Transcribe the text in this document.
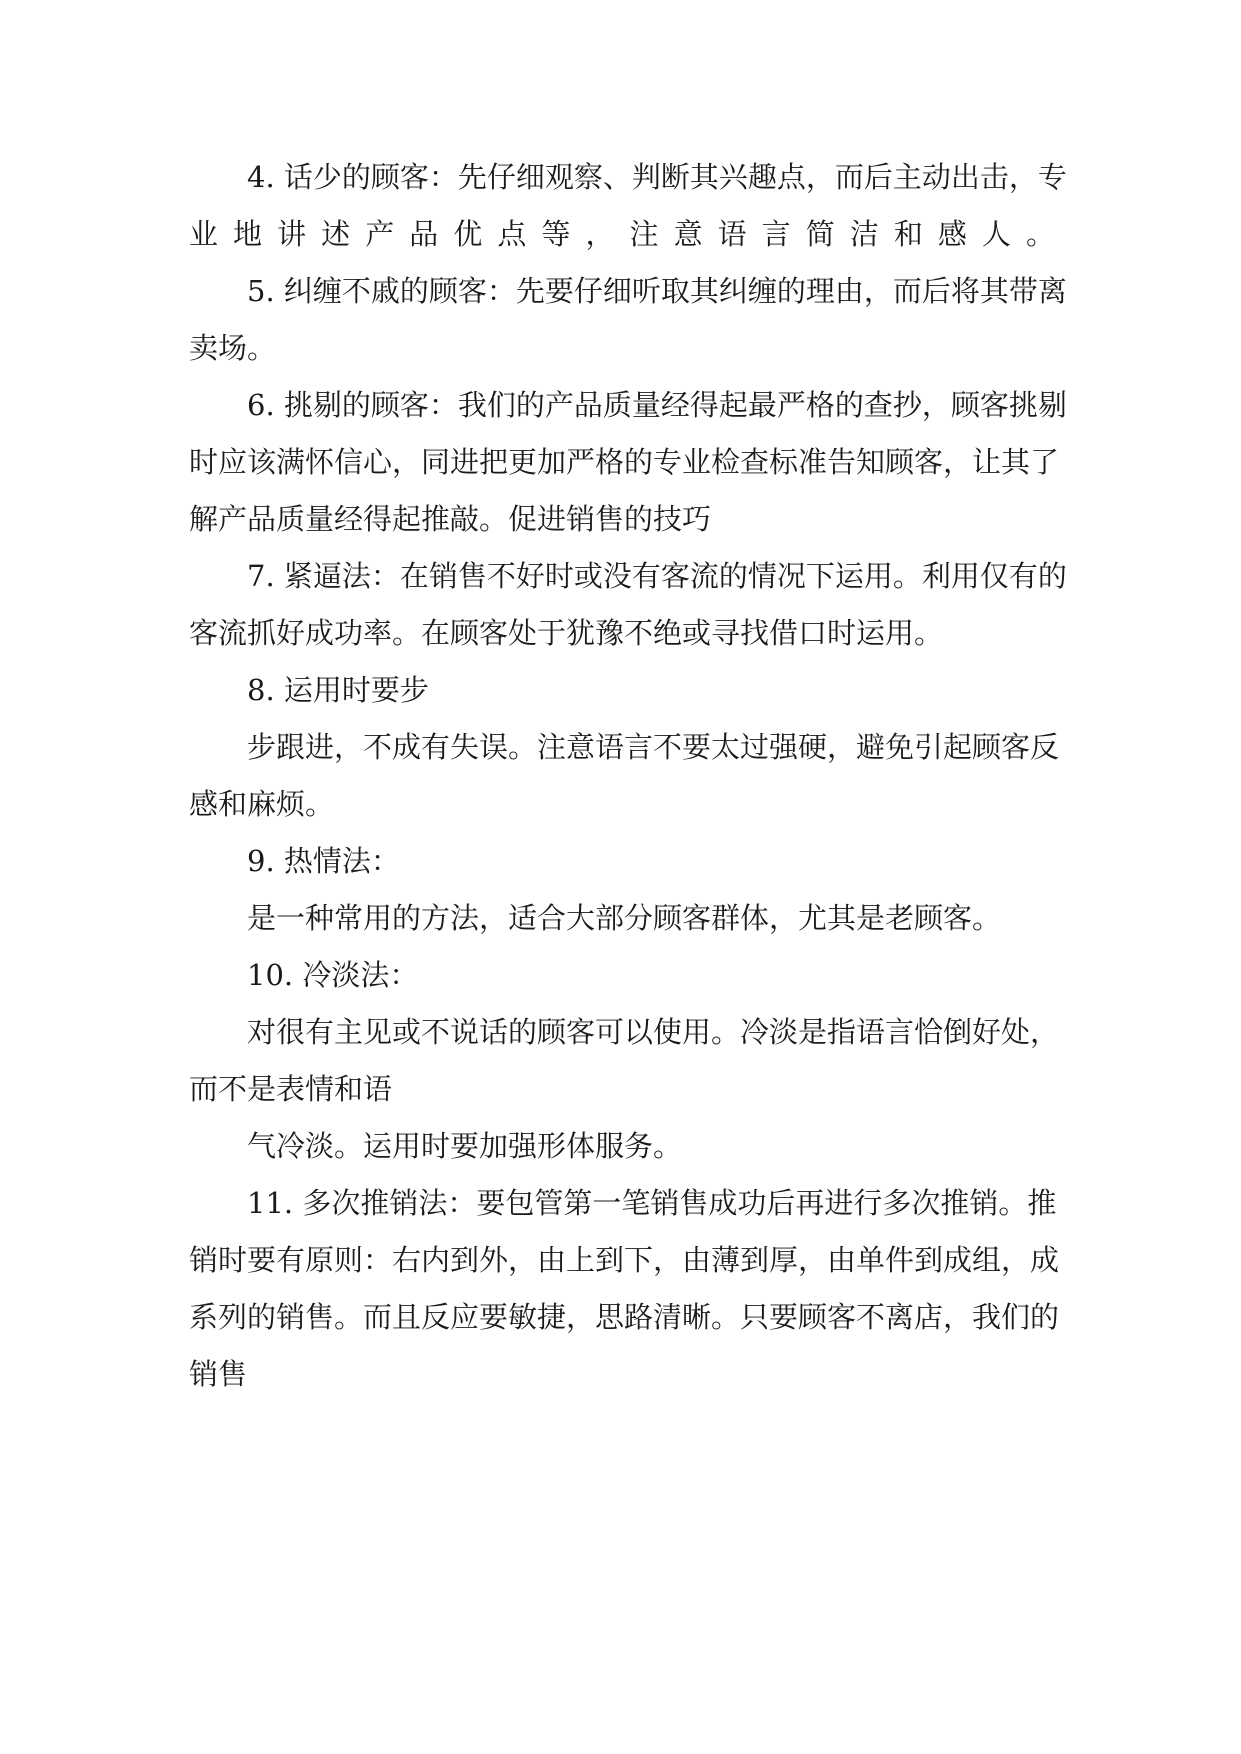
4. 话少的顾客：先仔细观察、判断其兴趣点，而后主动出击，专
业地讲述产品优点等，注意语言简洁和感人。
5. 纠缠不戚的顾客：先要仔细听取其纠缠的理由，而后将其带离
卖场。
6. 挑剔的顾客：我们的产品质量经得起最严格的查抄，顾客挑剔
时应该满怀信心，同进把更加严格的专业检查标准告知顾客，让其了
解产品质量经得起推敲。促进销售的技巧
7. 紧逼法：在销售不好时或没有客流的情况下运用。利用仅有的
客流抓好成功率。在顾客处于犹豫不绝或寻找借口时运用。
8. 运用时要步
步跟进，不成有失误。注意语言不要太过强硬，避免引起顾客反
感和麻烦。
9. 热情法：
是一种常用的方法，适合大部分顾客群体，尤其是老顾客。
10. 冷淡法：
对很有主见或不说话的顾客可以使用。冷淡是指语言恰倒好处，
而不是表情和语
气冷淡。运用时要加强形体服务。
11. 多次推销法：要包管第一笔销售成功后再进行多次推销。推
销时要有原则：右内到外，由上到下，由薄到厚，由单件到成组，成
系列的销售。而且反应要敏捷，思路清晰。只要顾客不离店，我们的
销售
